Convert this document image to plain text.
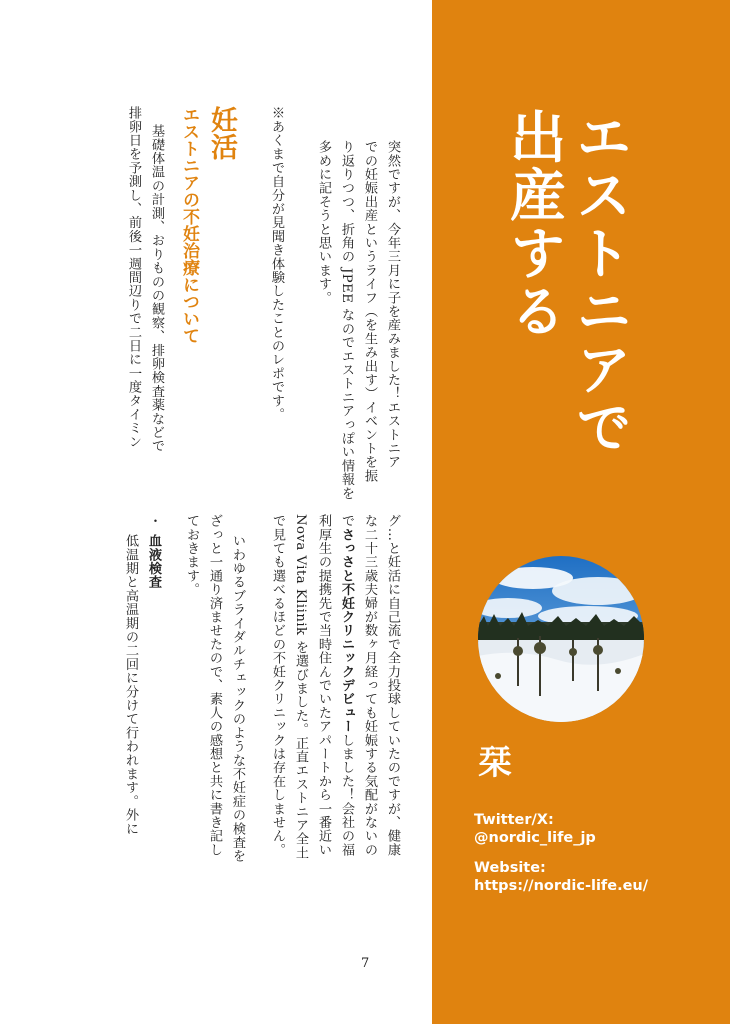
突然ですが、今年三月に子を産みました！エストニア

での妊娠出産というライフ（を生み出す）イベントを振

り返りつつ、折角の JPEE なのでエストニアっぽい情報を

多めに記そうと思います。

※あくまで自分が見聞き体験したことのレポです。

妊活

エストニアの不妊治療について

基礎体温の計測、おりものの観察、排卵検査薬などで

排卵日を予測し、前後一週間辺りで二日に一度タイミン

グ…と妊活に自己流で全力投球していたのですが、健康

な二十三歳夫婦が数ヶ月経っても妊娠する気配がないの

でさっさと不妊クリニックデビューしました！会社の福

利厚生の提携先で当時住んでいたアパートから一番近い

Nova Vita Kliinik を選びました。正直エストニア全土

で見ても選べるほどの不妊クリニックは存在しません。

いわゆるブライダルチェックのような不妊症の検査を

ざっと一通り済ませたので、素人の感想と共に書き記し

ておきます。

・血液検査

低温期と高温期の二回に分けて行われます。外に

7

エストニアで
出産する

栞

Twitter/X:

@nordic_life_jp

Website:

https://nordic-life.eu/
